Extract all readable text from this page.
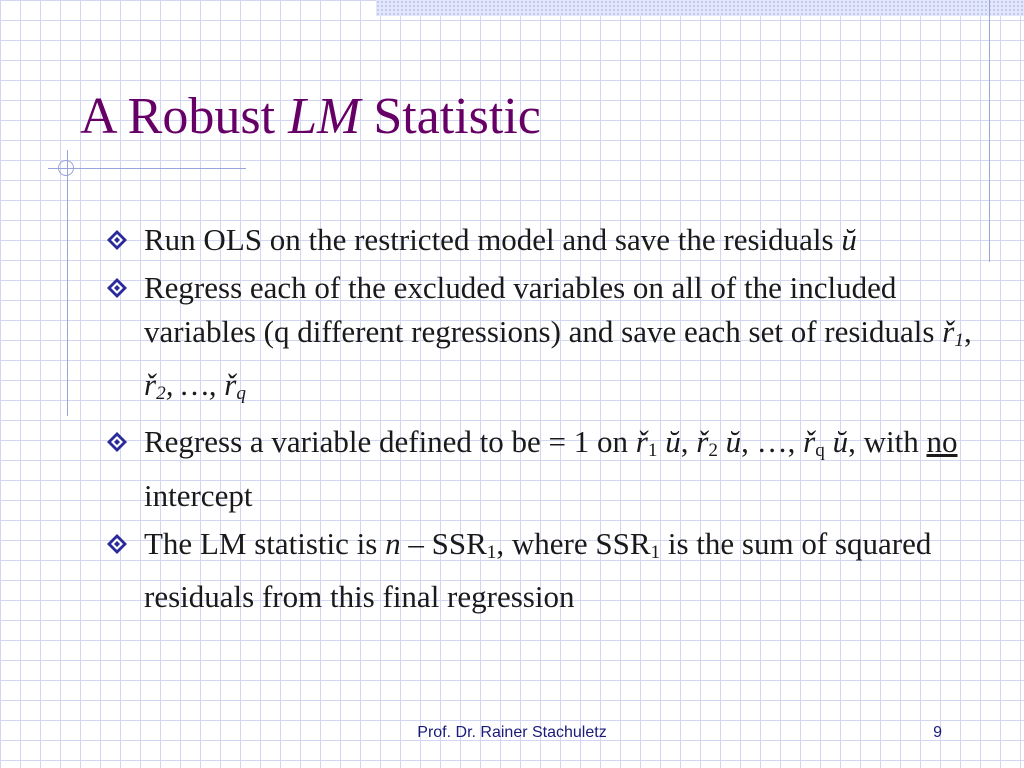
A Robust LM Statistic
Run OLS on the restricted model and save the residuals ŭ
Regress each of the excluded variables on all of the included variables (q different regressions) and save each set of residuals $ř_1$, $ř_2$, …, $ř_q$
Regress a variable defined to be = 1 on $ř_1$ ŭ, $ř_2$ ŭ, …, $ř_q$ ŭ, with no intercept
The LM statistic is n – $SSR_1$, where $SSR_1$ is the sum of squared residuals from this final regression
Prof. Dr. Rainer Stachuletz	9
